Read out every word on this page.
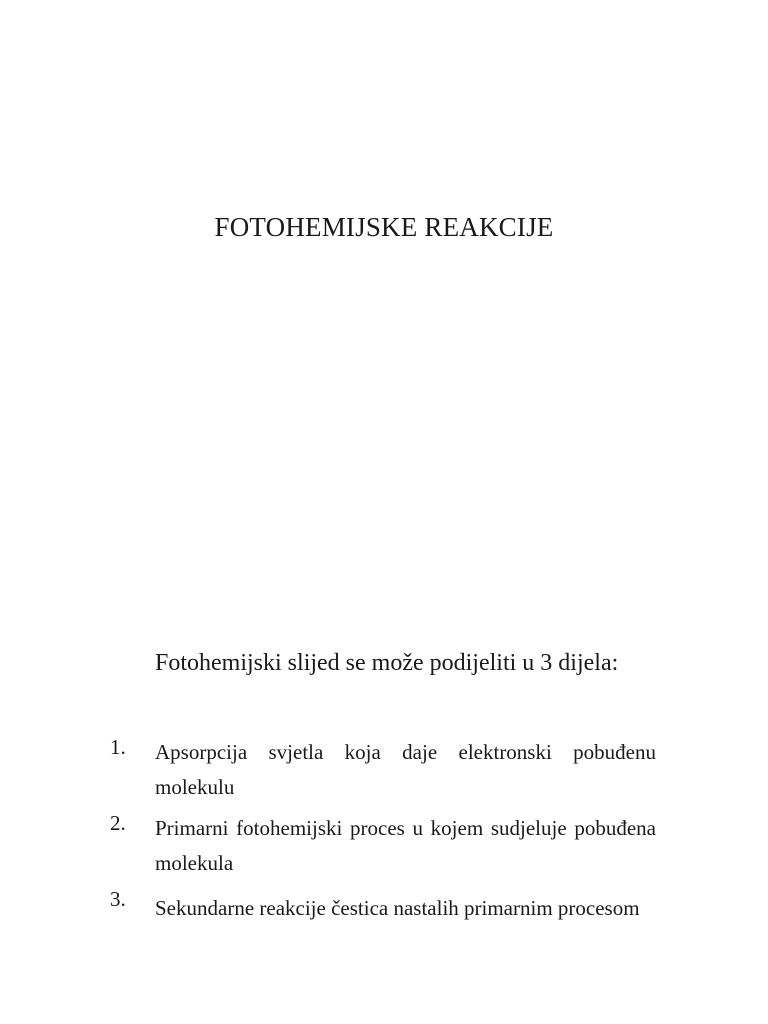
FOTOHEMIJSKE REAKCIJE

Fotohemijski slijed se može podijeliti u 3 dijela:

1.	Apsorpcija svjetla koja daje elektronski pobuđenu molekulu
2.	Primarni fotohemijski proces u kojem sudjeluje pobuđena molekula
3.	Sekundarne reakcije čestica nastalih primarnim procesom
